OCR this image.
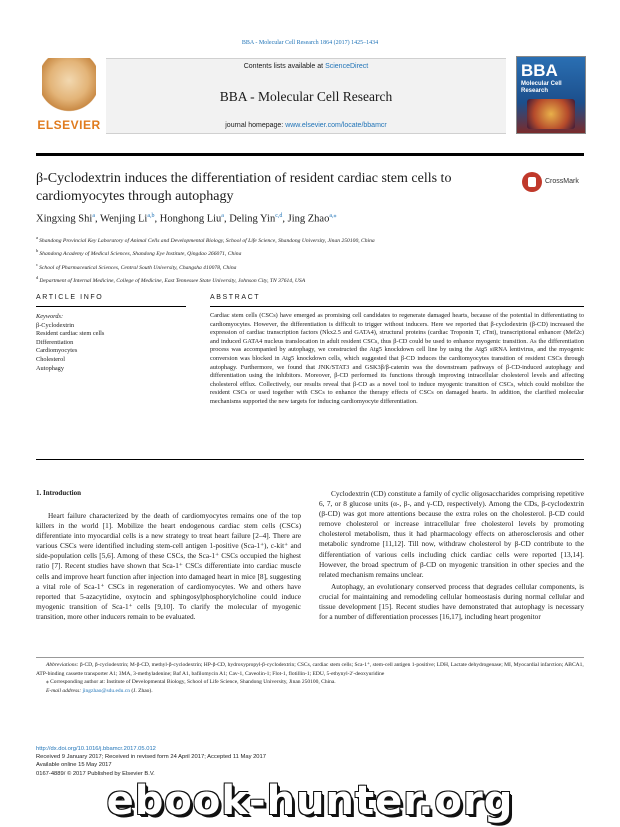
BBA - Molecular Cell Research 1864 (2017) 1425–1434
ELSEVIER
Contents lists available at ScienceDirect
BBA - Molecular Cell Research
journal homepage: www.elsevier.com/locate/bbamcr
BBA
Molecular Cell Research
β-Cyclodextrin induces the differentiation of resident cardiac stem cells to cardiomyocytes through autophagy
CrossMark
Xingxing Shi$^a$, Wenjing Li$^{a,b}$, Honghong Liu$^a$, Deling Yin$^{c,d}$, Jing Zhao$^{a,⁎}$
$^a$ Shandong Provincial Key Laboratory of Animal Cells and Developmental Biology, School of Life Science, Shandong University, Jinan 250100, China
$^b$ Shandong Academy of Medical Sciences, Shandong Eye Institute, Qingdao 266071, China
$^c$ School of Pharmaceutical Sciences, Central South University, Changsha 410078, China
$^d$ Department of Internal Medicine, College of Medicine, East Tennessee State University, Johnson City, TN 37614, USA
ARTICLE INFO	ABSTRACT
Keywords:
β-Cyclodextrin
Resident cardiac stem cells
Differentiation
Cardiomyocytes
Cholesterol
Autophagy
Cardiac stem cells (CSCs) have emerged as promising cell candidates to regenerate damaged hearts, because of the potential in differentiating to cardiomyocytes. However, the differentiation is difficult to trigger without inducers. Here we reported that β-cyclodextrin (β-CD) increased the expression of cardiac transcription factors (Nkx2.5 and GATA4), structural proteins (cardiac Troponin T, cTnt), transcriptional enhancer (Mef2c) and induced GATA4 nucleus translocation in adult resident CSCs, thus β-CD could be used to enhance myogenic transition. As the differentiation process was accompanied by autophagy, we constructed the Atg5 knockdown cell line by using the Atg5 siRNA lentivirus, and the myogenic conversion was blocked in Atg5 knockdown cells, which suggested that β-CD induces the cardiomyocytes transition of resident CSCs through autophagy. Furthermore, we found that JNK/STAT3 and GSK3β/β-catenin was the downstream pathways of β-CD-induced autophagy and differentiation using the inhibitors. Moreover, β-CD performed its functions through improving intracellular cholesterol levels and affecting cholesterol efflux. Collectively, our results reveal that β-CD as a novel tool to induce myogenic transition of CSCs, which could mobilize the resident CSCs or used together with CSCs to enhance the therapy effects of CSCs on damaged hearts. In addition, the clarified molecular mechanisms supported the new targets for inducing cardiomyocyte differentiation.
1. Introduction

Heart failure characterized by the death of cardiomyocytes remains one of the top killers in the world [1]. Mobilize the heart endogenous cardiac stem cells (CSCs) differentiate into myocardial cells is a new strategy to treat heart failure [2–4]. There are various CSCs were identified including stem-cell antigen 1-positive (Sca-1⁺), c-kit⁺ and side-population cells [5,6]. Among of these CSCs, the Sca-1⁺ CSCs occupied the highest ratio [7]. Recent studies have shown that Sca-1⁺ CSCs differentiate into cardiac muscle cells and improve heart function after injection into damaged heart in mice [8], suggesting a vital role of Sca-1⁺ CSCs in regeneration of cardiomyocytes. We and others have reported that 5-azacytidine, oxytocin and sphingosylphosphorylcholine could induce myogenic transition of Sca-1⁺ cells [9,10]. To clarify the molecular of myogenic transition, more other inducers remain to be evaluated.

Cyclodextrin (CD) constitute a family of cyclic oligosaccharides comprising repetitive 6, 7, or 8 glucose units (α-, β-, and γ-CD, respectively). Among the CDs, β-cyclodextrin (β-CD) was got more attentions because the extra roles on the cholesterol. β-CD could remove cholesterol or increase intracellular free cholesterol levels by promoting cholesterol metabolism, thus it had pharmacology effects on atherosclerosis and other metabolic syndrome [11,12]. Till now, withdraw cholesterol by β-CD contribute to the differentiation of various cells including chick cardiac cells were reported [13,14]. However, the broad spectrum of β-CD on myogenic transition in other species and the related mechanism remains unclear.

Autophagy, an evolutionary conserved process that degrades cellular components, is crucial for maintaining and remodeling cellular homeostasis during normal cellular and tissue development [15]. Recent studies have demonstrated that autophagy is necessary for a number of differentiation processes [16,17], including heart progenitor

Abbreviations: β-CD, β-cyclodextrin; M-β-CD, methyl-β-cyclodextrin; HP-β-CD, hydroxypropyl-β-cyclodextrin; CSCs, cardiac stem cells; Sca-1⁺, stem-cell antigen 1-positive; LDH, Lactate dehydrogenase; MI, Myocardial infarction; ABCA1, ATP-binding cassette transporter A1; 3MA, 3-methyladenine; Baf A1, bafilomycin A1; Cav-1, Caveolin-1; Flot-1, flotillin-1; EDU, 5-ethynyl-2′-deoxyuridine
⁎ Corresponding author at: Institute of Developmental Biology, School of Life Science, Shandong University, Jinan 250100, China.
E-mail address: jingzhao@sdu.edu.cn (J. Zhao).
http://dx.doi.org/10.1016/j.bbamcr.2017.05.012
Received 9 January 2017; Received in revised form 24 April 2017; Accepted 11 May 2017
Available online 15 May 2017
0167-4889/ © 2017 Published by Elsevier B.V.
ebook-hunter.org
